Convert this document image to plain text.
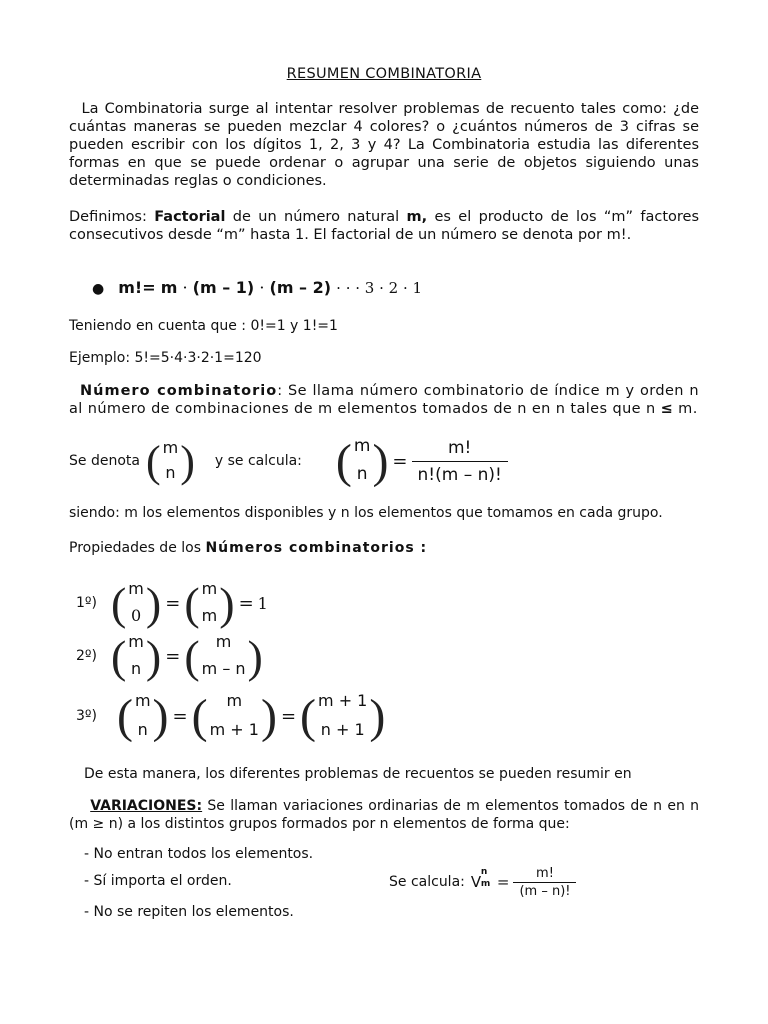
RESUMEN COMBINATORIA
La Combinatoria surge al intentar resolver problemas de recuento tales como: ¿de cuántas maneras se pueden mezclar 4 colores? o ¿cuántos números de 3 cifras se pueden escribir con los dígitos 1, 2, 3 y 4? La Combinatoria estudia las diferentes formas en que se puede ordenar o agrupar una serie de objetos siguiendo unas determinadas reglas o condiciones.
Definimos: Factorial de un número natural m, es el producto de los “m” factores consecutivos desde “m” hasta 1. El factorial de un número se denota por m!.
● m!= m · (m – 1) · (m – 2) · · · 3 · 2 · 1
Teniendo en cuenta que : 0!=1 y 1!=1
Ejemplo: 5!=5·4·3·2·1=120
Número combinatorio: Se llama número combinatorio de índice m y orden n al número de combinaciones de m elementos tomados de n en n tales que n ≤ m.
Se denota ( m
n ) y se calcula: ( m
n ) = $\frac{m!}{n!(m - n)!}$
siendo: m los elementos disponibles y n los elementos que tomamos en cada grupo.
Propiedades de los Números combinatorios :
1º) ( m
0 ) = ( m
m ) = 1
2º) ( m
n ) = ( m
m – n )
3º) ( m
n ) = ( m
m + 1 ) = ( m + 1
n + 1 )
De esta manera, los diferentes problemas de recuentos se pueden resumir en
VARIACIONES: Se llaman variaciones ordinarias de m elementos tomados de n en n (m ≥ n) a los distintos grupos formados por n elementos de forma que:
- No entran todos los elementos.
- Sí importa el orden.
- No se repiten los elementos.
Se calcula: V
n
$m = \frac{m!}{(m - n)!}$
